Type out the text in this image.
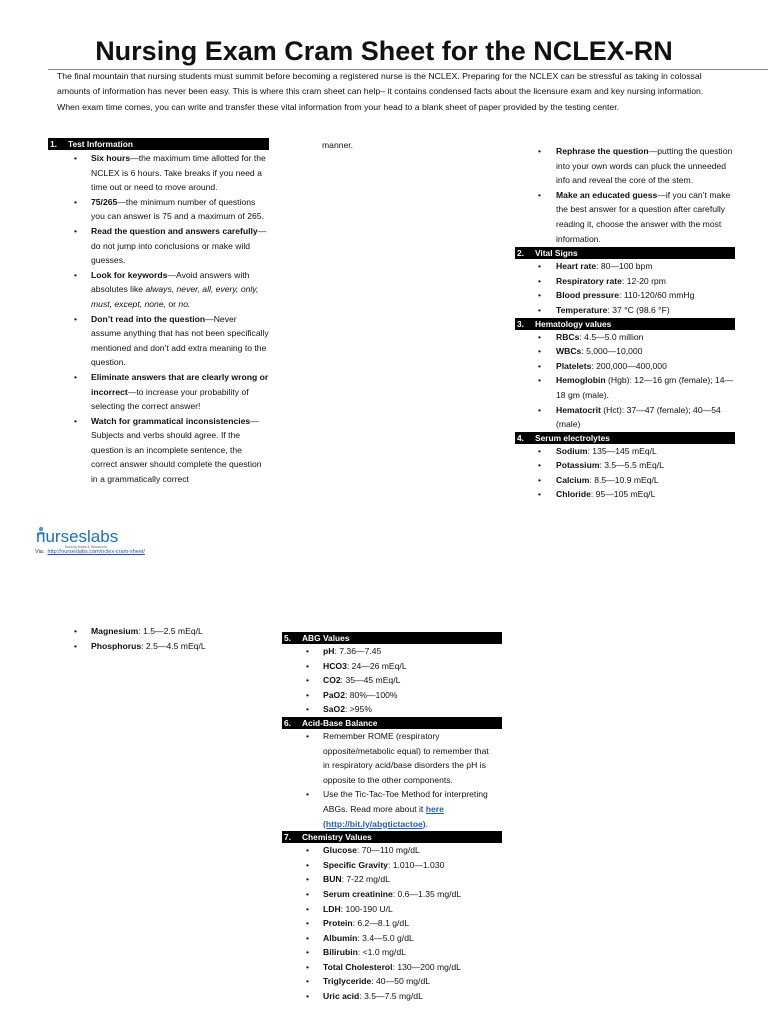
Nursing Exam Cram Sheet for the NCLEX-RN

The final mountain that nursing students must summit before becoming a registered nurse is the NCLEX. Preparing for the NCLEX can be stressful as taking in colossal amounts of information has never been easy. This is where this cram sheet can help– it contains condensed facts about the licensure exam and key nursing information. When exam time comes, you can write and transfer these vital information from your head to a blank sheet of paper provided by the testing center.

1. Test Information
• Six hours—the maximum time allotted for the NCLEX is 6 hours. Take breaks if you need a time out or need to move around.
• 75/265—the minimum number of questions you can answer is 75 and a maximum of 265.
• Read the question and answers carefully—do not jump into conclusions or make wild guesses.
• Look for keywords—Avoid answers with absolutes like always, never, all, every, only, must, except, none, or no.
• Don’t read into the question—Never assume anything that has not been specifically mentioned and don’t add extra meaning to the question.
• Eliminate answers that are clearly wrong or incorrect—to increase your probability of selecting the correct answer!
• Watch for grammatical inconsistencies—Subjects and verbs should agree. If the question is an incomplete sentence, the correct answer should complete the question in a grammatically correct
manner.
• Rephrase the question—putting the question into your own words can pluck the unneeded info and reveal the core of the stem.
• Make an educated guess—if you can’t make the best answer for a question after carefully reading it, choose the answer with the most information.
2. Vital Signs
• Heart rate: 80—100 bpm
• Respiratory rate: 12-20 rpm
• Blood pressure: 110-120/60 mmHg
• Temperature: 37 °C (98.6 °F)
3. Hematology values
• RBCs: 4.5—5.0 million
• WBCs: 5,000—10,000
• Platelets: 200,000—400,000
• Hemoglobin (Hgb): 12—16 gm (female); 14—18 gm (male).
• Hematocrit (Hct): 37—47 (female); 40—54 (male)
4. Serum electrolytes
• Sodium: 135—145 mEq/L
• Potassium: 3.5—5.5 mEq/L
• Calcium: 8.5—10.9 mEq/L
• Chloride: 95—105 mEq/L
nurseslabs
Nursing Notes & Resources
Via: http://nurseslabs.com/nclex-cram-sheet/
• Magnesium: 1.5—2.5 mEq/L
• Phosphorus: 2.5—4.5 mEq/L
5. ABG Values
• pH: 7.36—7.45
• HCO3: 24—26 mEq/L
• CO2: 35—45 mEq/L
• PaO2: 80%—100%
• SaO2: >95%
6. Acid-Base Balance
• Remember ROME (respiratory opposite/metabolic equal) to remember that in respiratory acid/base disorders the pH is opposite to the other components.
• Use the Tic-Tac-Toe Method for interpreting ABGs. Read more about it here (http://bit.ly/abgtictactoe).
7. Chemistry Values
• Glucose: 70—110 mg/dL
• Specific Gravity: 1.010—1.030
• BUN: 7-22 mg/dL
• Serum creatinine: 0.6—1.35 mg/dL
• LDH: 100-190 U/L
• Protein: 6.2—8.1 g/dL
• Albumin: 3.4—5.0 g/dL
• Bilirubin: <1.0 mg/dL
• Total Cholesterol: 130—200 mg/dL
• Triglyceride: 40—50 mg/dL
• Uric acid: 3.5—7.5 mg/dL
